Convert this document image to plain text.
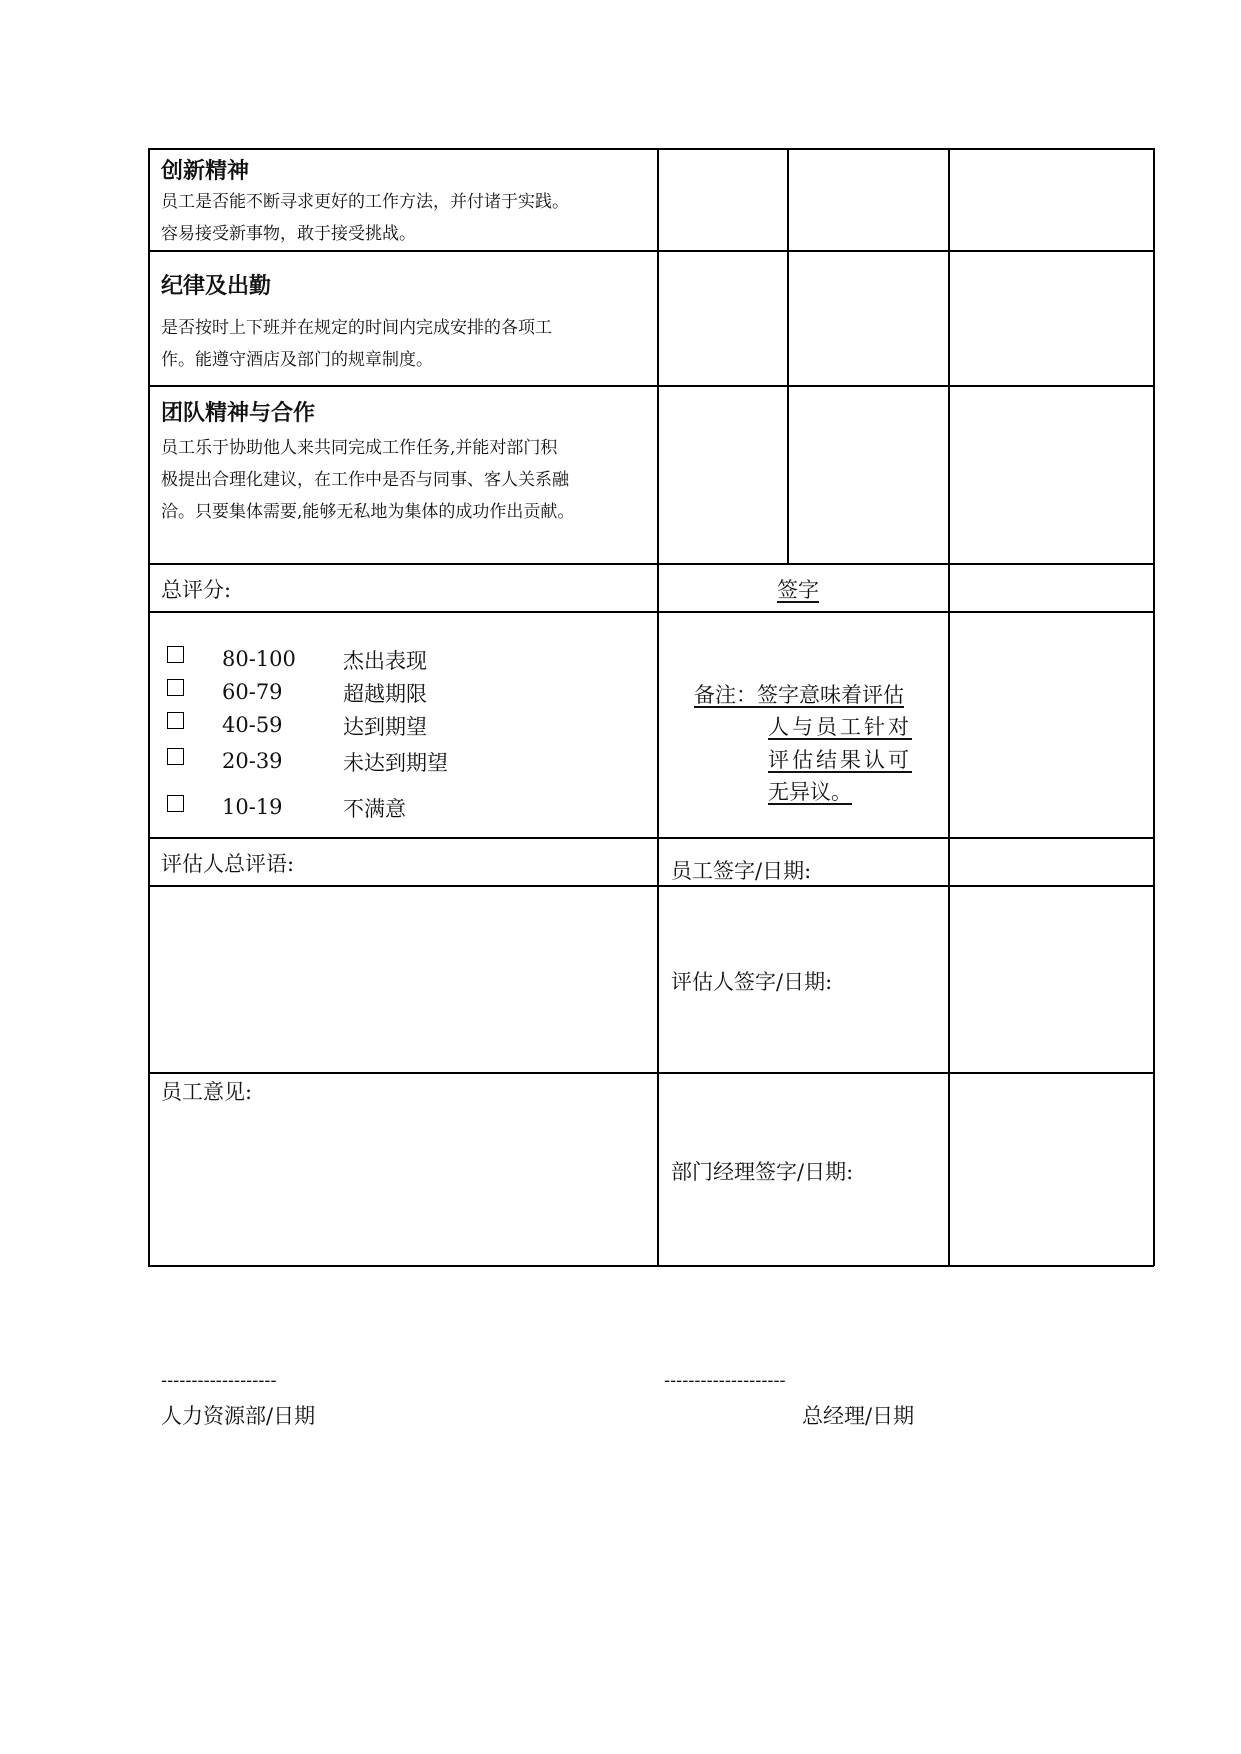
创新精神
员工是否能不断寻求更好的工作方法，并付诸于实践。
容易接受新事物，敢于接受挑战。
纪律及出勤
是否按时上下班并在规定的时间内完成安排的各项工
作。能遵守酒店及部门的规章制度。
团队精神与合作
员工乐于协助他人来共同完成工作任务,并能对部门积
极提出合理化建议，在工作中是否与同事、客人关系融
洽。只要集体需要,能够无私地为集体的成功作出贡献。
总评分:	签字
80-100 杰出表现
60-79	超越期限
40-59	达到期望
20-39	未达到期望
10-19	不满意
备注：签字意味着评估
人与员工针对
评估结果认可
无异议。
评估人总评语:	员工签字/日期:
评估人签字/日期:
员工意见:
部门经理签字/日期:
-------------------
人力资源部/日期
--------------------
总经理/日期
